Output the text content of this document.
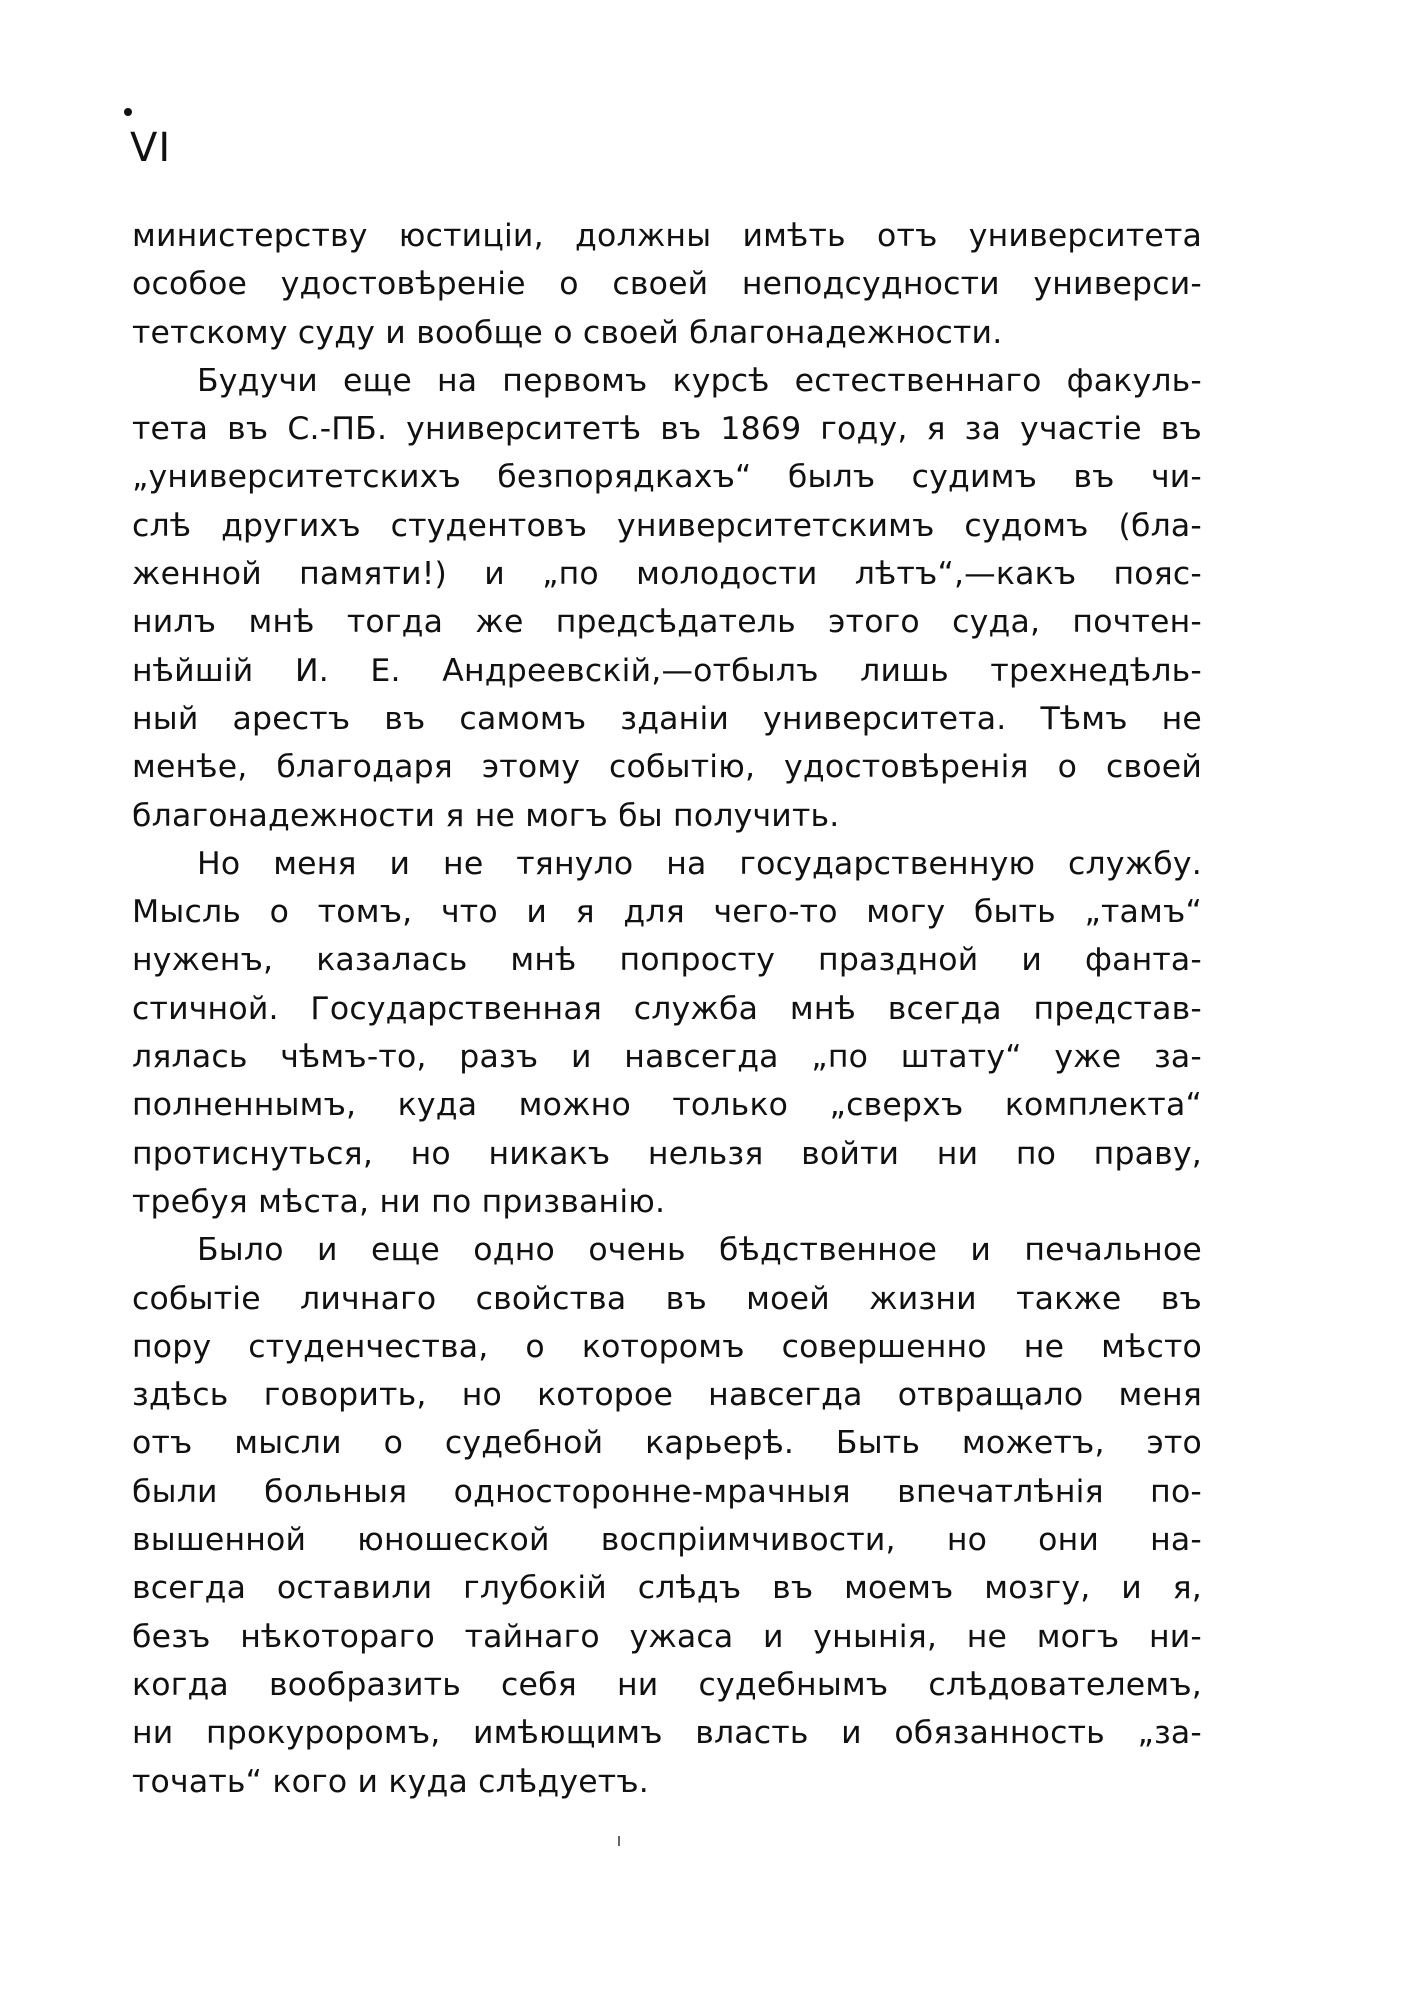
VI
министерству юстицiи, должны имѣть отъ университета
особое удостовѣренiе о своей неподсудности универси-
тетскому суду и вообще о своей благонадежности.
Будучи еще на первомъ курсѣ естественнаго факуль-
тета въ С.-ПБ. университетѣ въ 1869 году, я за участiе въ
„университетскихъ безпорядкахъ“ былъ судимъ въ чи-
слѣ другихъ студентовъ университетскимъ судомъ (бла-
женной памяти!) и „по молодости лѣтъ“,—какъ пояс-
нилъ мнѣ тогда же предсѣдатель этого суда, почтен-
нѣйшiй И. Е. Андреевскiй,—отбылъ лишь трехнедѣль-
ный арестъ въ самомъ зданiи университета. Тѣмъ не
менѣе, благодаря этому событiю, удостовѣренiя о своей
благонадежности я не могъ бы получить.
Но меня и не тянуло на государственную службу.
Мысль о томъ, что и я для чего-то могу быть „тамъ“
нуженъ, казалась мнѣ попросту праздной и фанта-
стичной. Государственная служба мнѣ всегда представ-
лялась чѣмъ-то, разъ и навсегда „по штату“ уже за-
полненнымъ, куда можно только „сверхъ комплекта“
протиснуться, но никакъ нельзя войти ни по праву,
требуя мѣста, ни по призванiю.
Было и еще одно очень бѣдственное и печальное
событiе личнаго свойства въ моей жизни также въ
пору студенчества, о которомъ совершенно не мѣсто
здѣсь говорить, но которое навсегда отвращало меня
отъ мысли о судебной карьерѣ. Быть можетъ, это
были больныя односторонне-мрачныя впечатлѣнiя по-
вышенной юношеской воспрiимчивости, но они на-
всегда оставили глубокiй слѣдъ въ моемъ мозгу, и я,
безъ нѣкотораго тайнаго ужаса и унынiя, не могъ ни-
когда вообразить себя ни судебнымъ слѣдователемъ,
ни прокуроромъ, имѣющимъ власть и обязанность „за-
точать“ кого и куда слѣдуетъ.
